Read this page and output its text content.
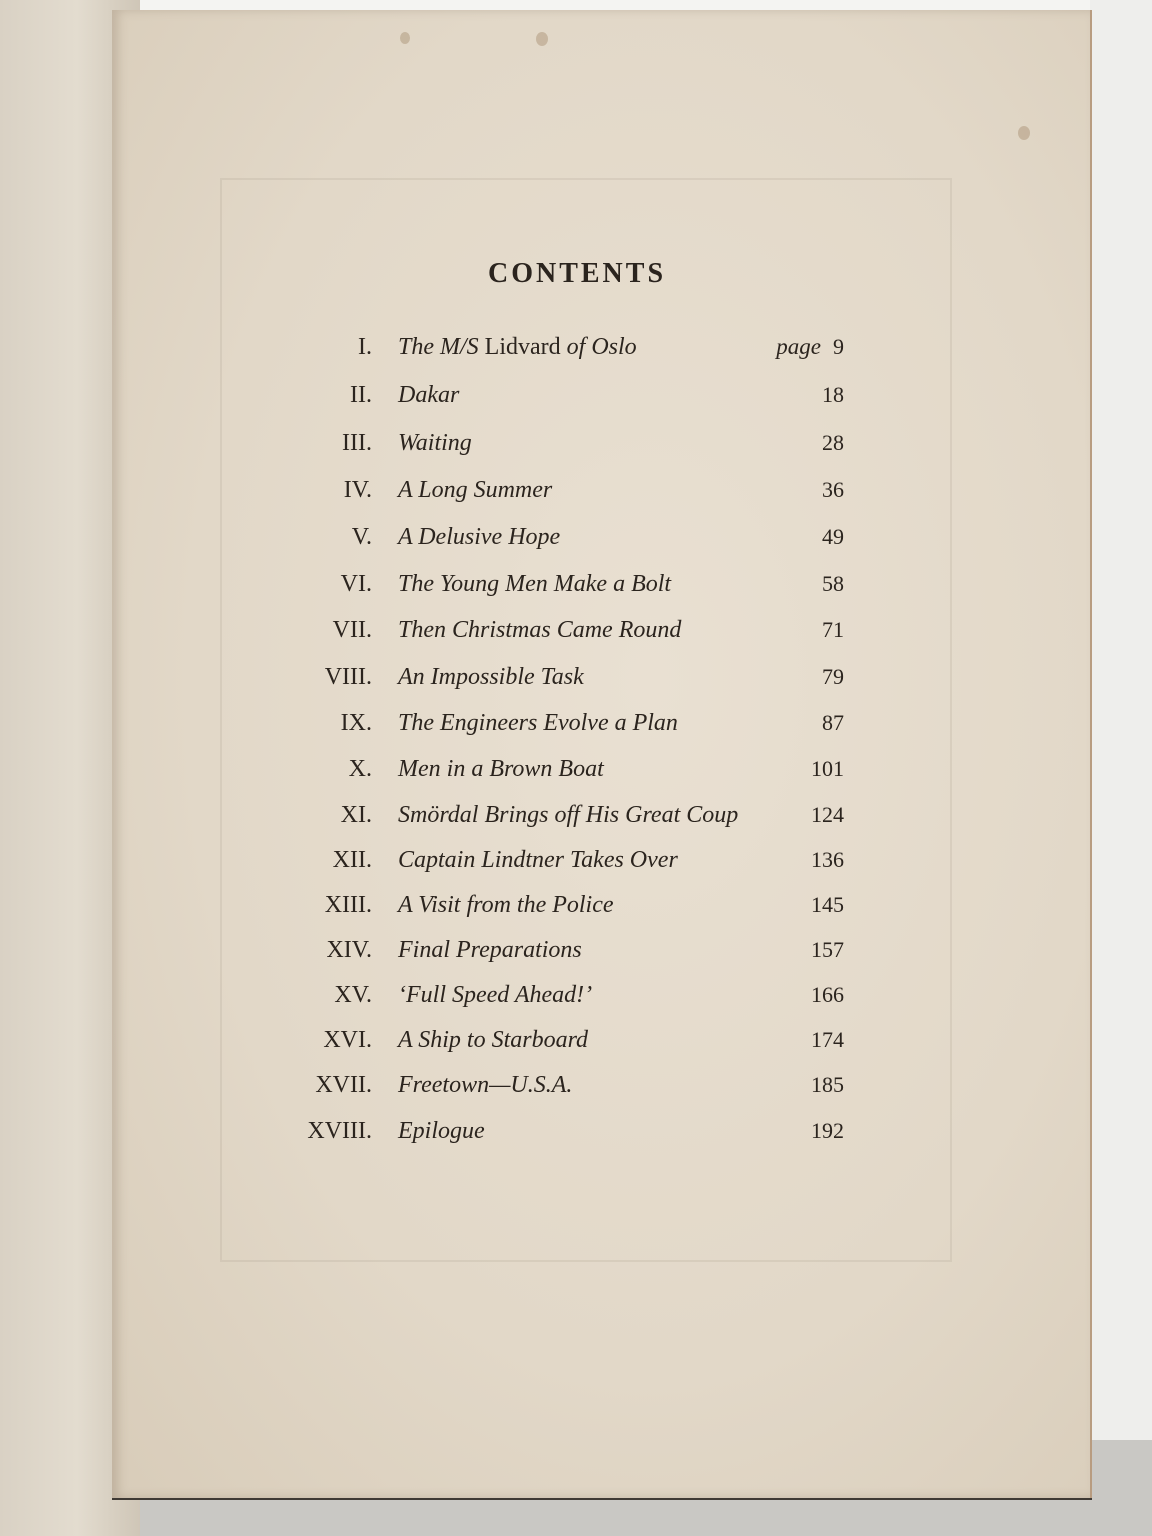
CONTENTS
I. The M/S Lidvard of Oslo	page 9
II. Dakar	18
III. Waiting	28
IV. A Long Summer	36
V. A Delusive Hope	49
VI. The Young Men Make a Bolt	58
VII. Then Christmas Came Round	71
VIII. An Impossible Task	79
IX. The Engineers Evolve a Plan	87
X. Men in a Brown Boat	101
XI. Smördal Brings off His Great Coup	124
XII. Captain Lindtner Takes Over	136
XIII. A Visit from the Police	145
XIV. Final Preparations	157
XV. ‘Full Speed Ahead!’	166
XVI. A Ship to Starboard	174
XVII. Freetown—U.S.A.	185
XVIII. Epilogue	192
